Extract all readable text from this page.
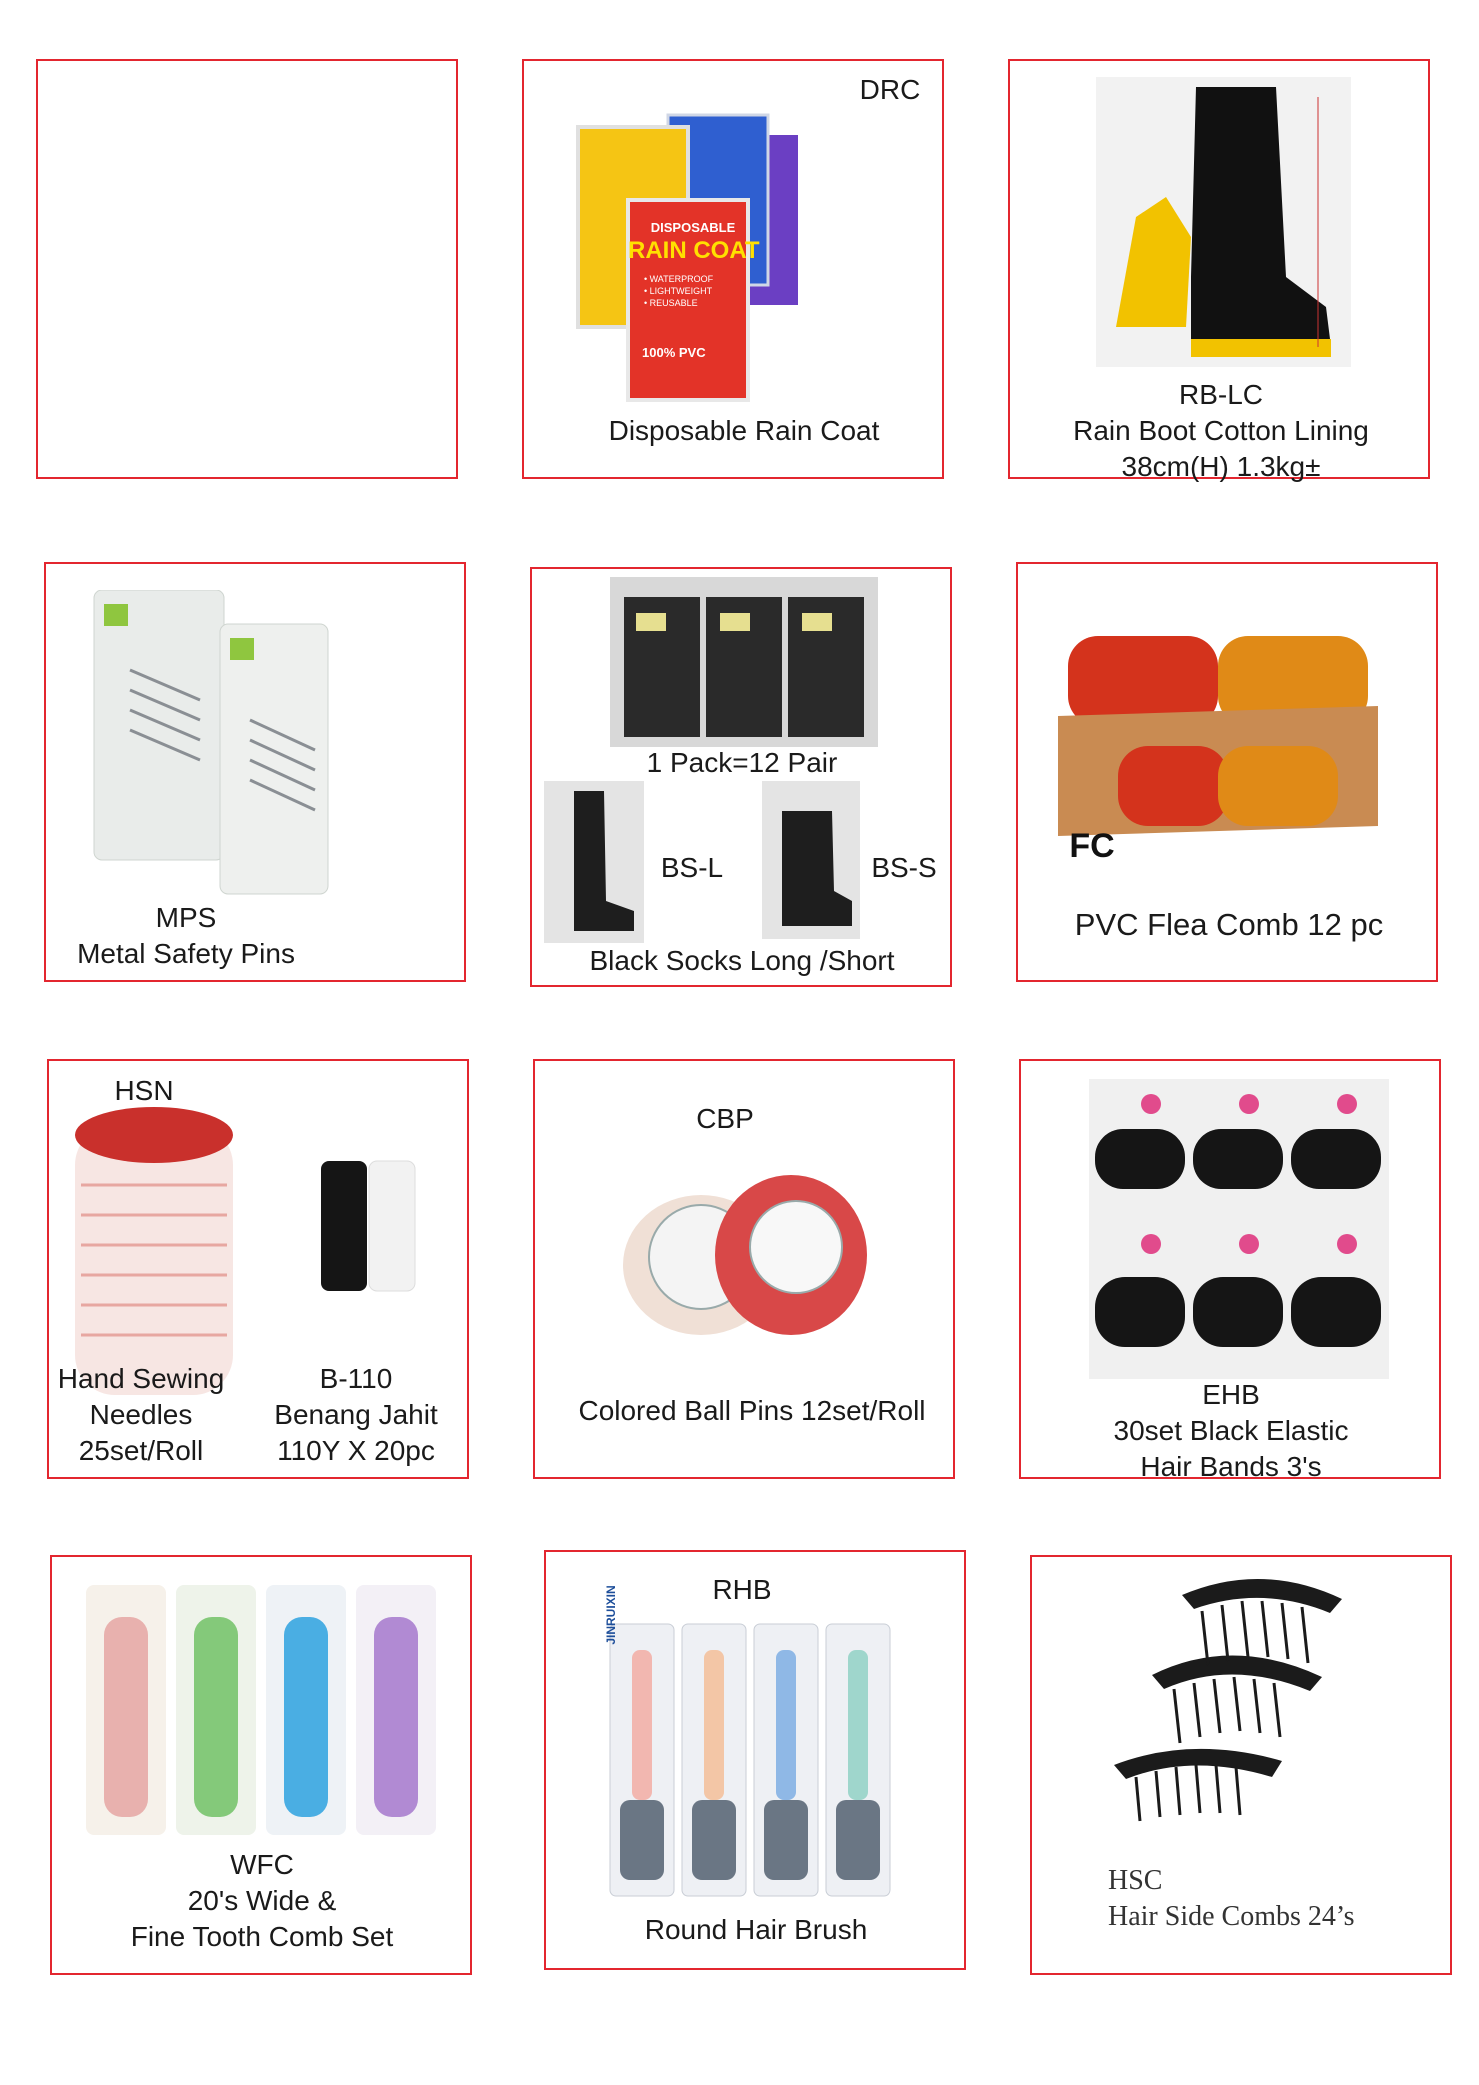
DRC
DISPOSABLE
RAIN COAT
• WATERPROOF
• LIGHTWEIGHT
• REUSABLE
100% PVC
Disposable Rain Coat
RB-LC
Rain Boot Cotton Lining
38cm(H) 1.3kg±
MPS
Metal Safety Pins
1 Pack=12 Pair
BS-L	BS-S
Black Socks Long /Short
FC
PVC Flea Comb 12 pc
HSN
Hand Sewing
Needles
25set/Roll
B-110
Benang Jahit
110Y X 20pc
CBP
Colored Ball Pins 12set/Roll
EHB
30set Black Elastic
Hair Bands 3's
WFC
20's Wide &
Fine Tooth Comb Set
RHB
JINRUIXIN
Round Hair Brush
HSC
Hair Side Combs 24’s
